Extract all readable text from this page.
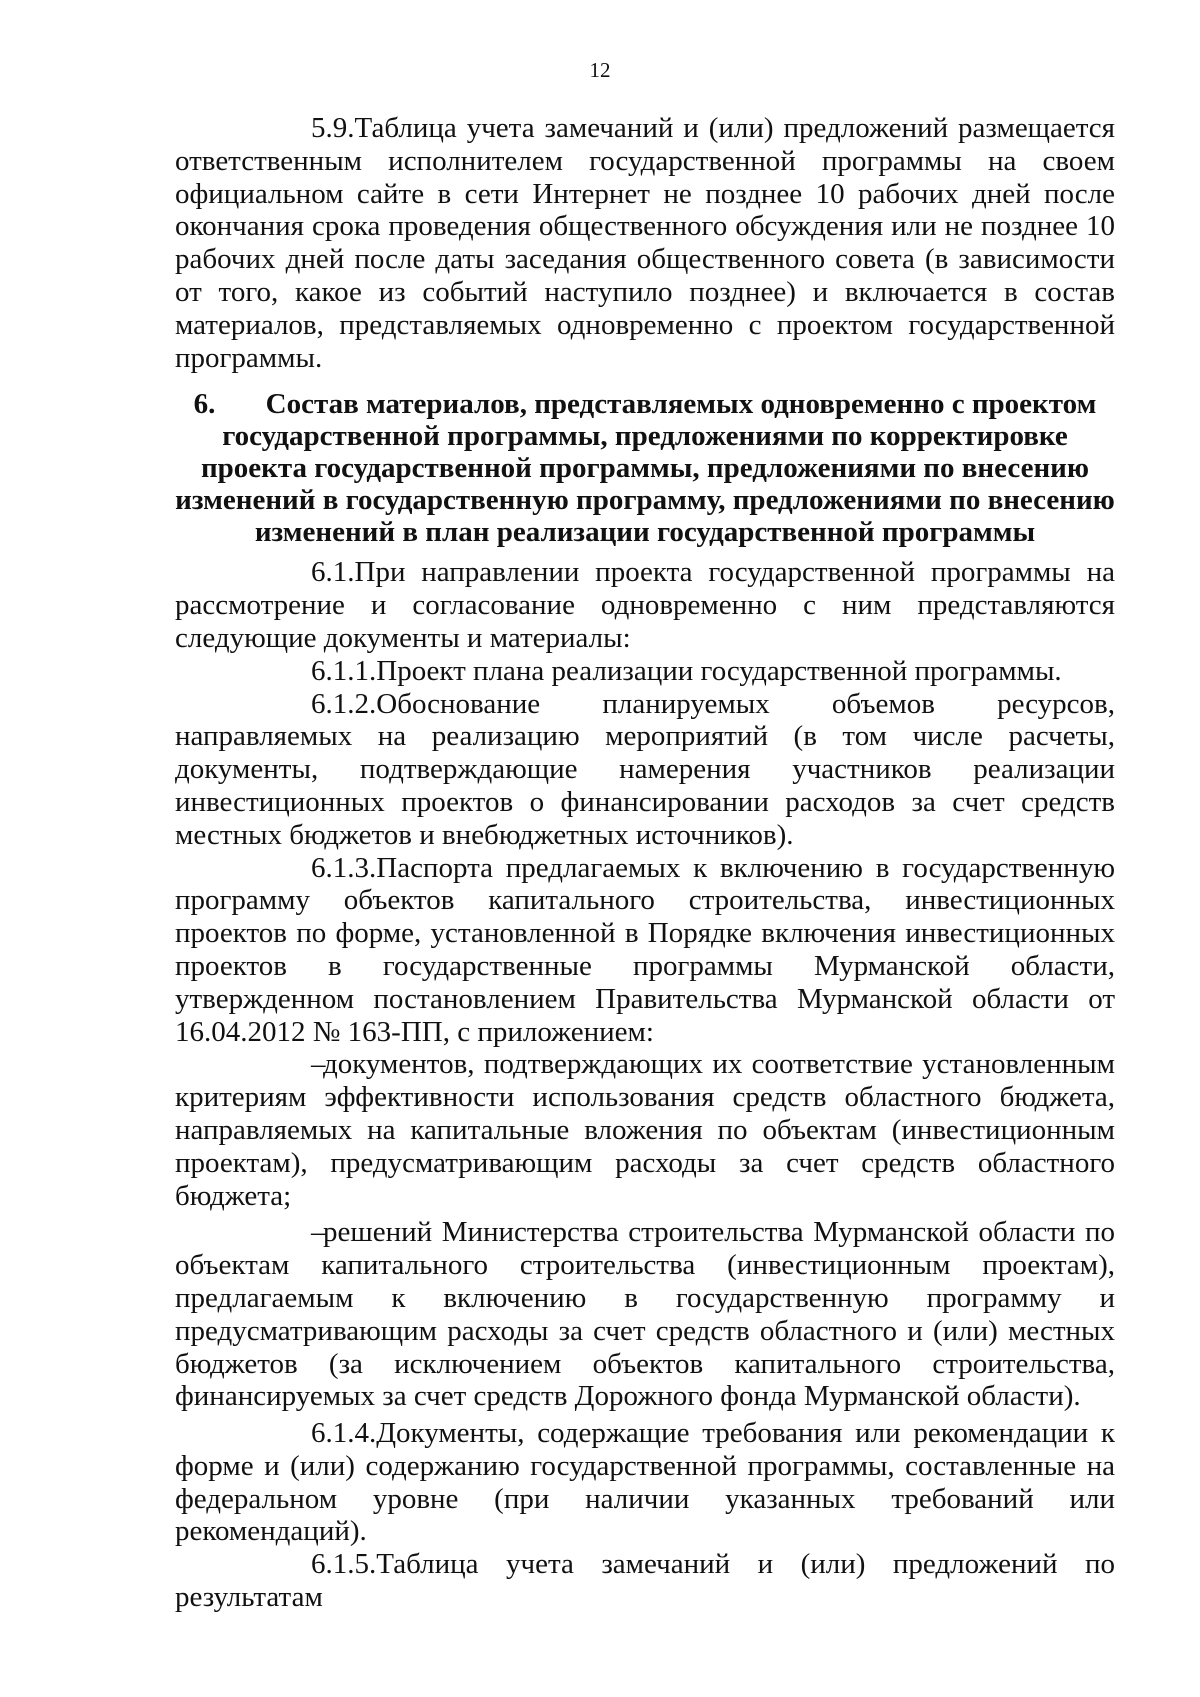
12

5.9.Таблица учета замечаний и (или) предложений размещается ответственным исполнителем государственной программы на своем официальном сайте в сети Интернет не позднее 10 рабочих дней после окончания срока проведения общественного обсуждения или не позднее 10 рабочих дней после даты заседания общественного совета (в зависимости от того, какое из событий наступило позднее) и включается в состав материалов, представляемых одновременно с проектом государственной программы.

6. Состав материалов, представляемых одновременно с проектом государственной программы, предложениями по корректировке проекта государственной программы, предложениями по внесению изменений в государственную программу, предложениями по внесению изменений в план реализации государственной программы

6.1.При направлении проекта государственной программы на рассмотрение и согласование одновременно с ним представляются следующие документы и материалы:

6.1.1.Проект плана реализации государственной программы.

6.1.2.Обоснование планируемых объемов ресурсов, направляемых на реализацию мероприятий (в том числе расчеты, документы, подтверждающие намерения участников реализации инвестиционных проектов о финансировании расходов за счет средств местных бюджетов и внебюджетных источников).

6.1.3.Паспорта предлагаемых к включению в государственную программу объектов капитального строительства, инвестиционных проектов по форме, установленной в Порядке включения инвестиционных проектов в государственные программы Мурманской области, утвержденном постановлением Правительства Мурманской области от 16.04.2012 № 163-ПП, с приложением:

–документов, подтверждающих их соответствие установленным критериям эффективности использования средств областного бюджета, направляемых на капитальные вложения по объектам (инвестиционным проектам), предусматривающим расходы за счет средств областного бюджета;

–решений Министерства строительства Мурманской области по объектам капитального строительства (инвестиционным проектам), предлагаемым к включению в государственную программу и предусматривающим расходы за счет средств областного и (или) местных бюджетов (за исключением объектов капитального строительства, финансируемых за счет средств Дорожного фонда Мурманской области).

6.1.4.Документы, содержащие требования или рекомендации к форме и (или) содержанию государственной программы, составленные на федеральном уровне (при наличии указанных требований или рекомендаций).

6.1.5.Таблица учета замечаний и (или) предложений по результатам
